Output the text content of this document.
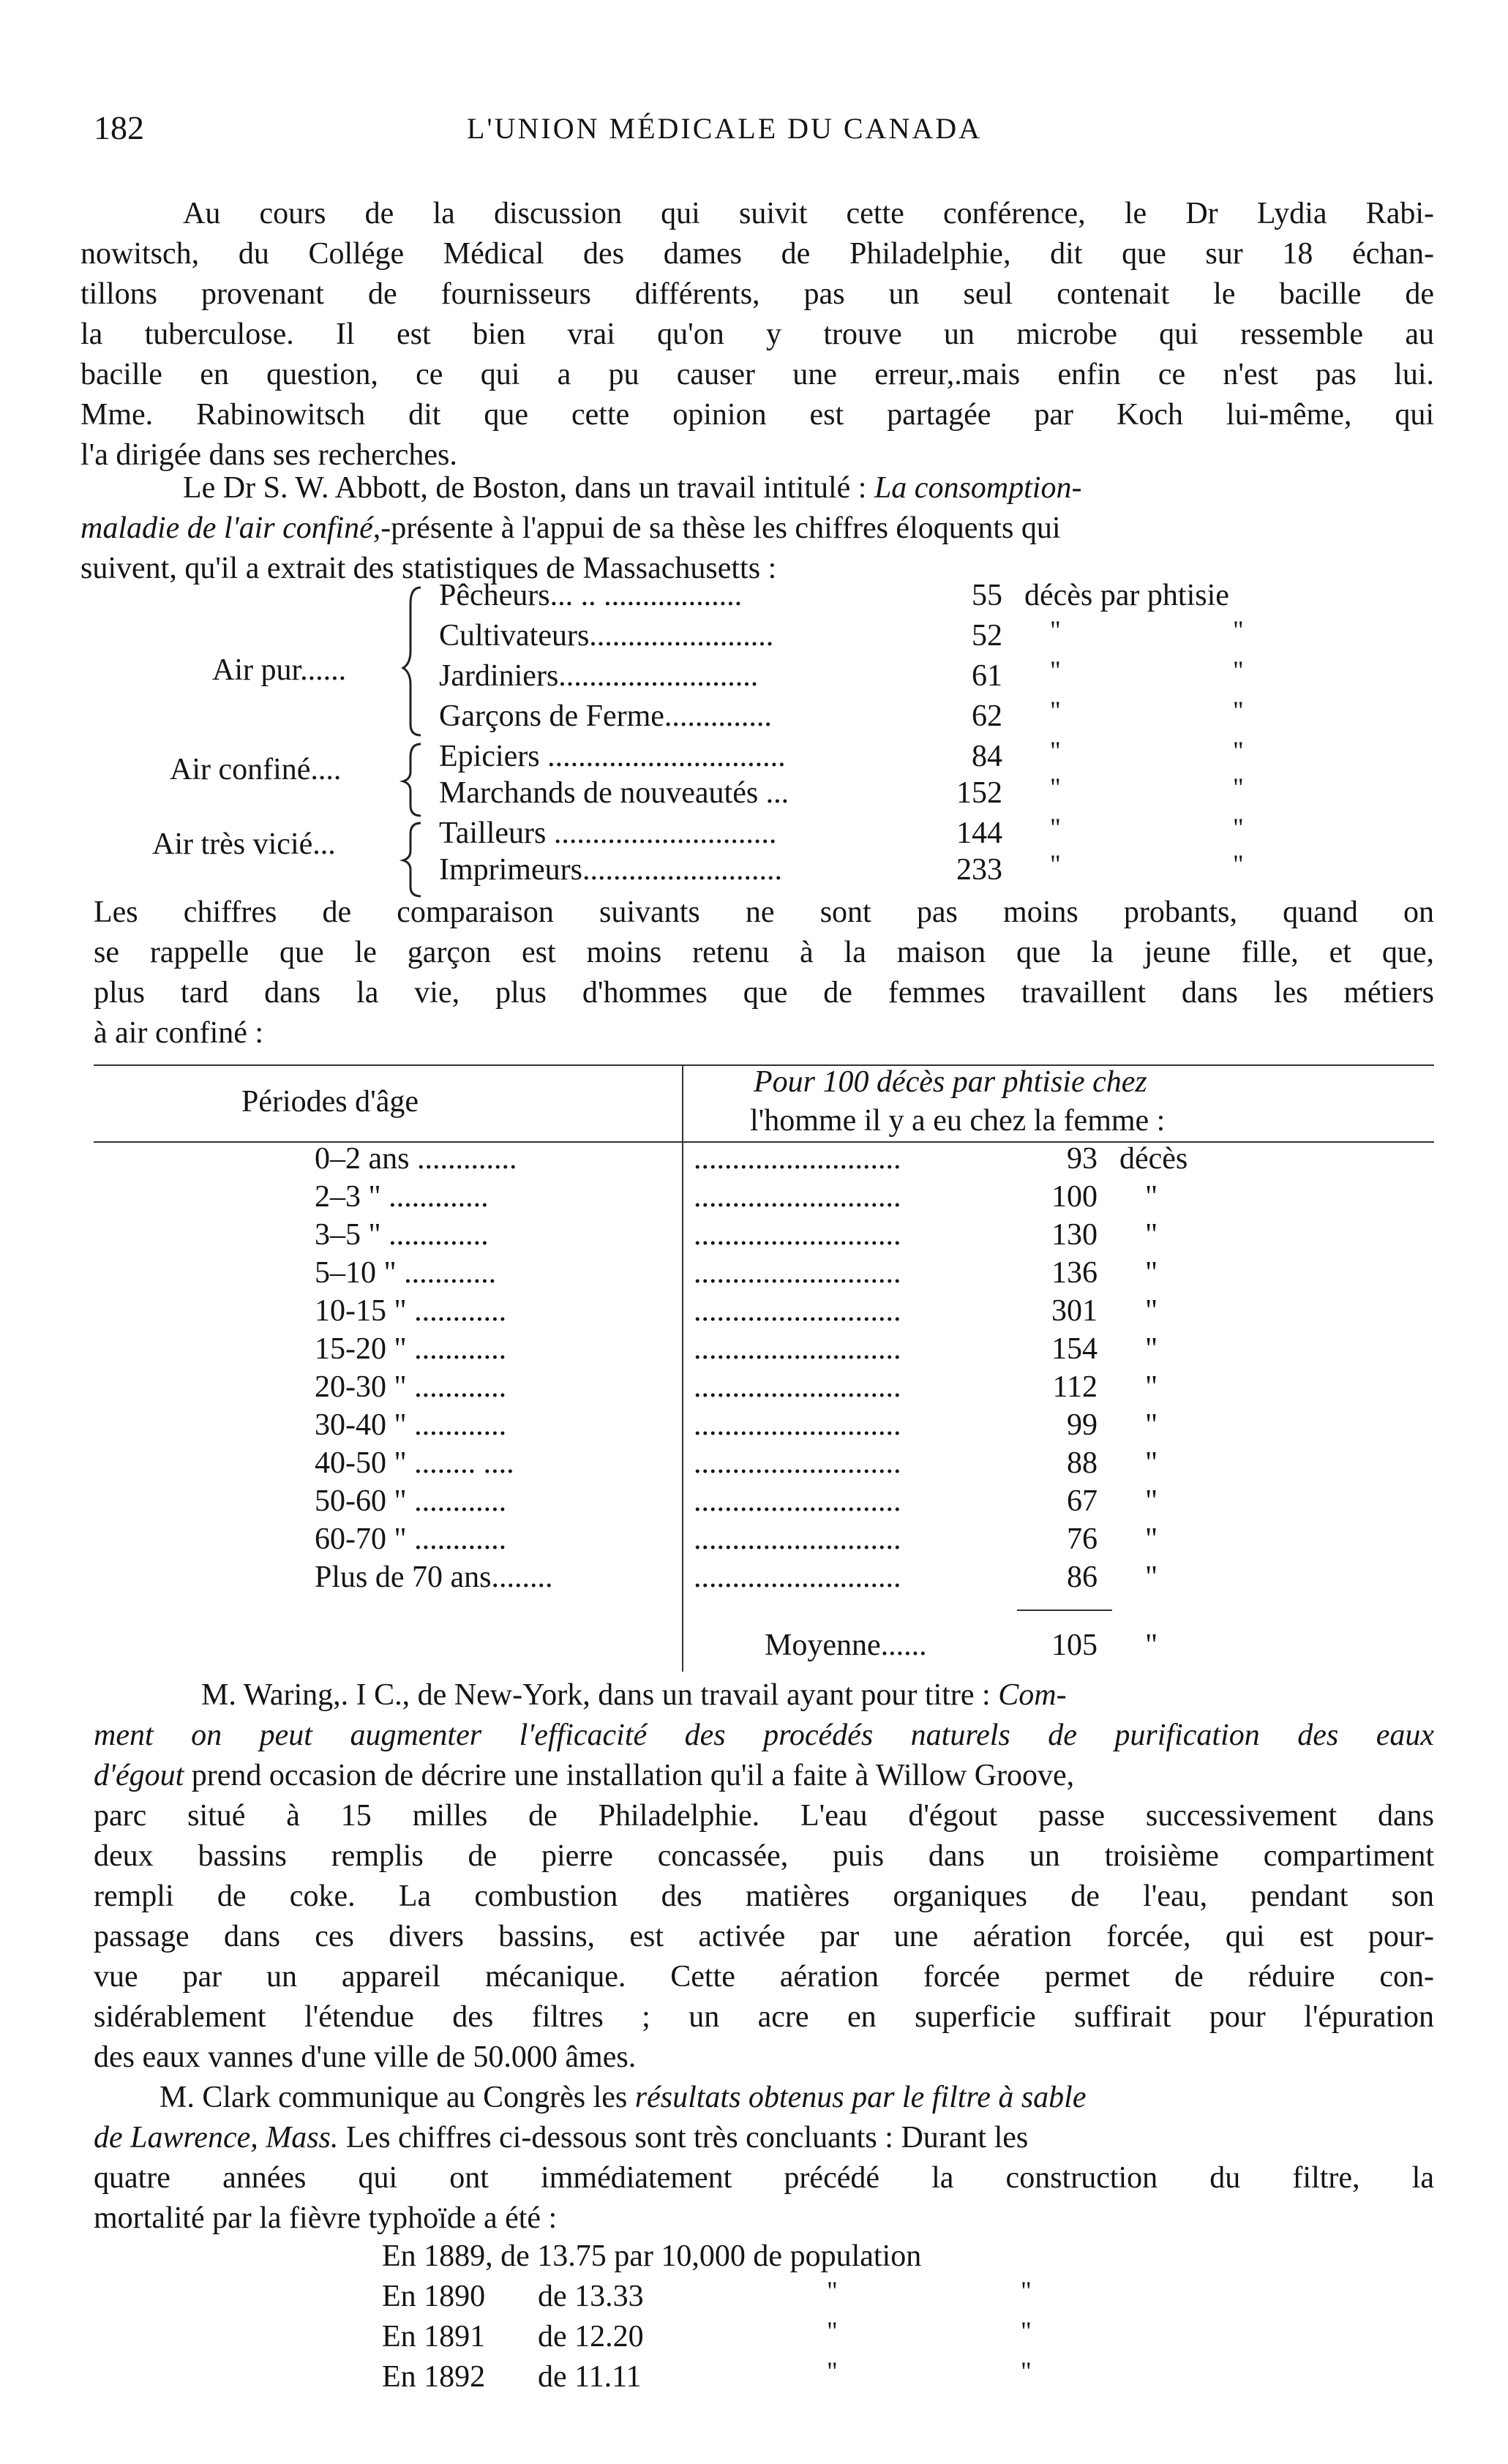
182	L'UNION MÉDICALE DU CANADA
Au cours de la discussion qui suivit cette conférence, le Dr Lydia Rabi-
nowitsch, du Collége Médical des dames de Philadelphie, dit que sur 18 échan-
tillons provenant de fournisseurs différents, pas un seul contenait le bacille de
la tuberculose. Il est bien vrai qu'on y trouve un microbe qui ressemble au
bacille en question, ce qui a pu causer une erreur,.mais enfin ce n'est pas lui.
Mme. Rabinowitsch dit que cette opinion est partagée par Koch lui-même, qui
l'a dirigée dans ses recherches.
Le Dr S. W. Abbott, de Boston, dans un travail intitulé : La consomption-
maladie de l'air confiné,-présente à l'appui de sa thèse les chiffres éloquents qui
suivent, qu'il a extrait des statistiques de Massachusetts :
Air pur......
Air confiné....
Air très vicié...
Pêcheurs... .. ..................	55 décès par phtisie
Cultivateurs........................	52 "	"
Jardiniers..........................	61 "	"
Garçons de Ferme..............	62 "	"
Epiciers ...............................	84 "	"
Marchands de nouveautés ...	152 "	"
Tailleurs .............................	144 "	"
Imprimeurs..........................	233 "	"
Les chiffres de comparaison suivants ne sont pas moins probants, quand on
se rappelle que le garçon est moins retenu à la maison que la jeune fille, et que,
plus tard dans la vie, plus d'hommes que de femmes travaillent dans les métiers
à air confiné :
Périodes d'âge
Pour 100 décès par phtisie chez
l'homme il y a eu chez la femme :
0–2 ans .............	...........................	93 décès
2–3 " .............	...........................	100 "
3–5 " .............	...........................	130 "
5–10 " ............	...........................	136 "
10-15 " ............	...........................	301 "
15-20 " ............	...........................	154 "
20-30 " ............	...........................	112 "
30-40 " ............	...........................	99 "
40-50 " ........ ....	...........................	88 "
50-60 " ............	...........................	67 "
60-70 " ............	...........................	76 "
Plus de 70 ans........	...........................	86 "
Moyenne......	105 "
M. Waring,. I C., de New-York, dans un travail ayant pour titre : Com-
ment on peut augmenter l'efficacité des procédés naturels de purification des eaux
d'égout prend occasion de décrire une installation qu'il a faite à Willow Groove,
parc situé à 15 milles de Philadelphie. L'eau d'égout passe successivement dans
deux bassins remplis de pierre concassée, puis dans un troisième compartiment
rempli de coke. La combustion des matières organiques de l'eau, pendant son
passage dans ces divers bassins, est activée par une aération forcée, qui est pour-
vue par un appareil mécanique. Cette aération forcée permet de réduire con-
sidérablement l'étendue des filtres ; un acre en superficie suffirait pour l'épuration
des eaux vannes d'une ville de 50.000 âmes.
M. Clark communique au Congrès les résultats obtenus par le filtre à sable
de Lawrence, Mass. Les chiffres ci-dessous sont très concluants : Durant les
quatre années qui ont immédiatement précédé la construction du filtre, la
mortalité par la fièvre typhoïde a été :
En 1889, de 13.75 par 10,000 de population
En 1890 de 13.33	"	"
En 1891 de 12.20	"	"
En 1892 de 11.11	"	"
